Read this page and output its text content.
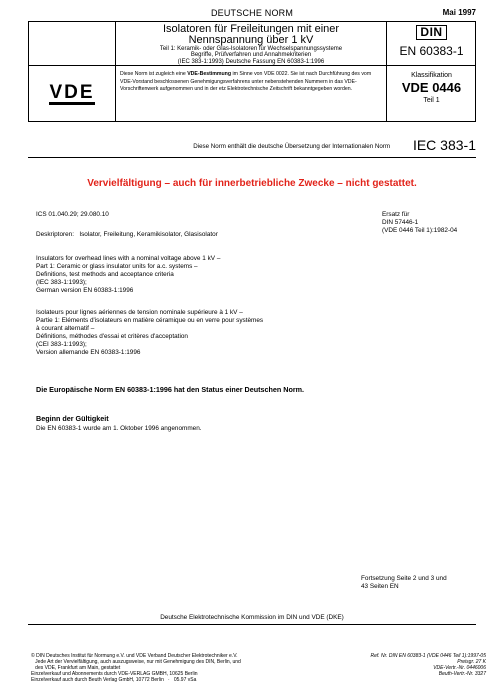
DEUTSCHE NORM	Mai 1997
Isolatoren für Freileitungen mit einer
Nennspannung über 1 kV
Teil 1: Keramik- oder Glas-Isolatoren für Wechselspannungssysteme
Begriffe, Prüfverfahren und Annahmekriterien
(IEC 383-1:1993) Deutsche Fassung EN 60383-1:1996
DIN
EN 60383-1
VDE
Diese Norm ist zugleich eine VDE-Bestimmung im Sinne von VDE 0022. Sie ist nach Durchführung des vom VDE-Vorstand beschlossenen Genehmigungsverfahrens unter nebenstehenden Nummern in das VDE-Vorschriftenwerk aufgenommen und in der etz Elektrotechnische Zeitschrift bekanntgegeben worden.
Klassifikation
VDE 0446
Teil 1
Diese Norm enthält die deutsche Übersetzung der Internationalen Norm IEC 383-1
Vervielfältigung – auch für innerbetriebliche Zwecke – nicht gestattet.
ICS 01.040.29; 29.080.10
Deskriptoren:   Isolator, Freileitung, Keramikisolator, Glasisolator
Ersatz für
DIN 57446-1
(VDE 0446 Teil 1):1982-04
Insulators for overhead lines with a nominal voltage above 1 kV –
Part 1: Ceramic or glass insulator units for a.c. systems –
Definitions, test methods and acceptance criteria
(IEC 383-1:1993);
German version EN 60383-1:1996
Isolateurs pour lignes aériennes de tension nominale supérieure à 1 kV –
Partie 1: Eléments d'isolateurs en matière céramique ou en verre pour systèmes
à courant alternatif –
Définitions, méthodes d'essai et critères d'acceptation
(CEI 383-1:1993);
Version allemande EN 60383-1:1996
Die Europäische Norm EN 60383-1:1996 hat den Status einer Deutschen Norm.
Beginn der Gültigkeit
Die EN 60383-1 wurde am 1. Oktober 1996 angenommen.
Fortsetzung Seite 2 und 3 und
43 Seiten EN
Deutsche Elektrotechnische Kommission im DIN und VDE (DKE)
© DIN Deutsches Institut für Normung e.V. und VDE Verband Deutscher Elektrotechniker e.V.
Jede Art der Vervielfältigung, auch auszugsweise, nur mit Genehmigung des DIN, Berlin, und
des VDE, Frankfurt am Main, gestattet
Einzelverkauf und Abonnements durch VDE-VERLAG GMBH, 10625 Berlin
Einzelverkauf auch durch Beuth Verlag GmbH, 10772 Berlin   ·   05.97 vSa
Ref. Nr. DIN EN 60383-1 (VDE 0446 Teil 1):1997-05
Preisgr. 27 K
VDE-Vertr.-Nr. 0446006
Beuth-Vertr.-Nr. 3327
